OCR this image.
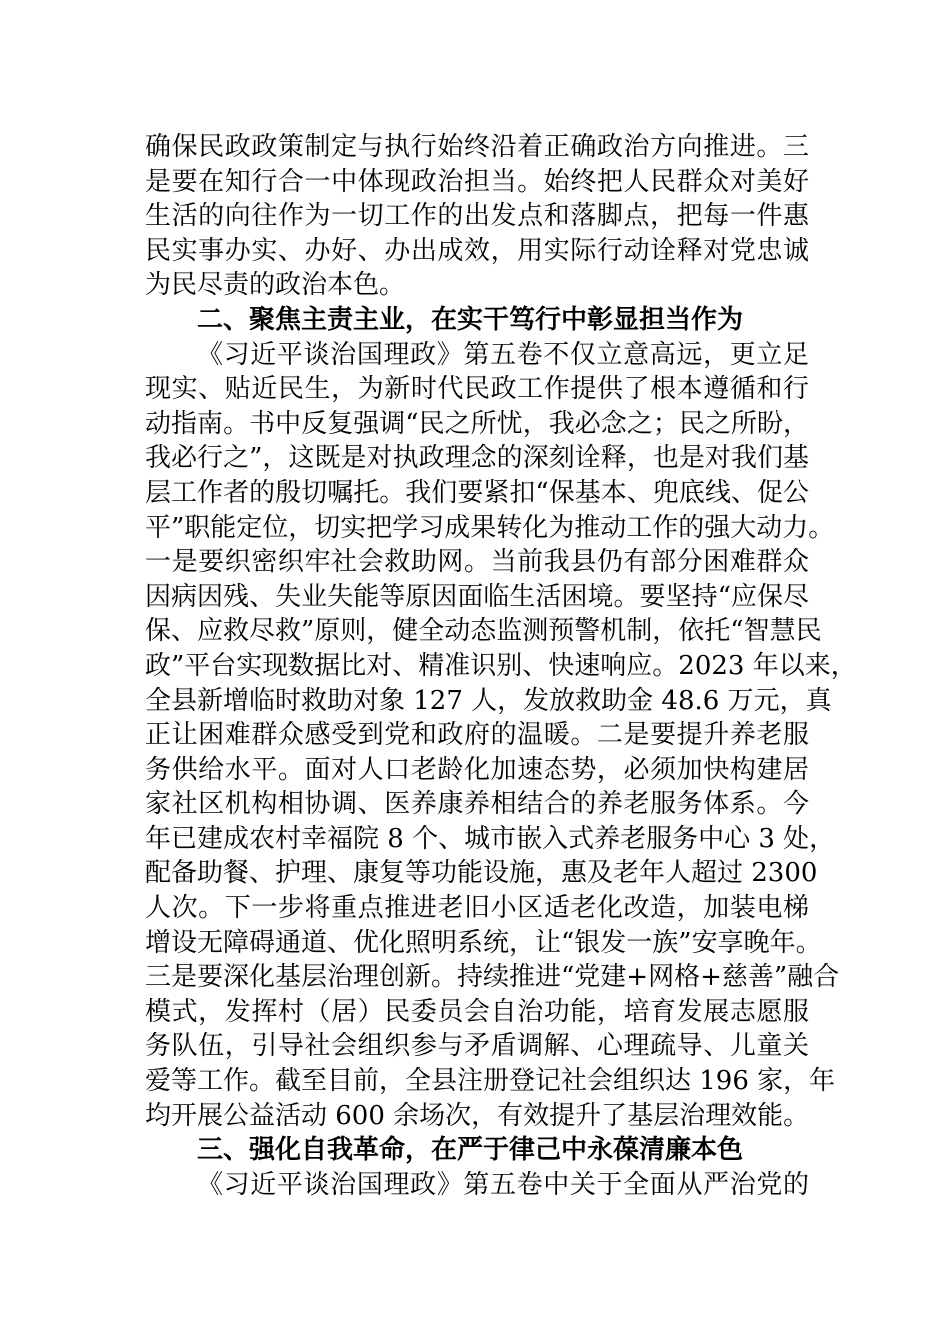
确保民政政策制定与执行始终沿着正确政治方向推进。三
是要在知行合一中体现政治担当。始终把人民群众对美好
生活的向往作为一切工作的出发点和落脚点，把每一件惠
民实事办实、办好、办出成效，用实际行动诠释对党忠诚
为民尽责的政治本色。
二、聚焦主责主业，在实干笃行中彰显担当作为
《习近平谈治国理政》第五卷不仅立意高远，更立足
现实、贴近民生，为新时代民政工作提供了根本遵循和行
动指南。书中反复强调“民之所忧，我必念之；民之所盼，
我必行之”，这既是对执政理念的深刻诠释，也是对我们基
层工作者的殷切嘱托。我们要紧扣“保基本、兜底线、促公
平”职能定位，切实把学习成果转化为推动工作的强大动力。
一是要织密织牢社会救助网。当前我县仍有部分困难群众
因病因残、失业失能等原因面临生活困境。要坚持“应保尽
保、应救尽救”原则，健全动态监测预警机制，依托“智慧民
政”平台实现数据比对、精准识别、快速响应。2023 年以来，
全县新增临时救助对象 127 人，发放救助金 48.6 万元，真
正让困难群众感受到党和政府的温暖。二是要提升养老服
务供给水平。面对人口老龄化加速态势，必须加快构建居
家社区机构相协调、医养康养相结合的养老服务体系。今
年已建成农村幸福院 8 个、城市嵌入式养老服务中心 3 处，
配备助餐、护理、康复等功能设施，惠及老年人超过 2300
人次。下一步将重点推进老旧小区适老化改造，加装电梯
增设无障碍通道、优化照明系统，让“银发一族”安享晚年。
三是要深化基层治理创新。持续推进“党建+网格+慈善”融合
模式，发挥村（居）民委员会自治功能，培育发展志愿服
务队伍，引导社会组织参与矛盾调解、心理疏导、儿童关
爱等工作。截至目前，全县注册登记社会组织达 196 家，年
均开展公益活动 600 余场次，有效提升了基层治理效能。
三、强化自我革命，在严于律己中永葆清廉本色
《习近平谈治国理政》第五卷中关于全面从严治党的
